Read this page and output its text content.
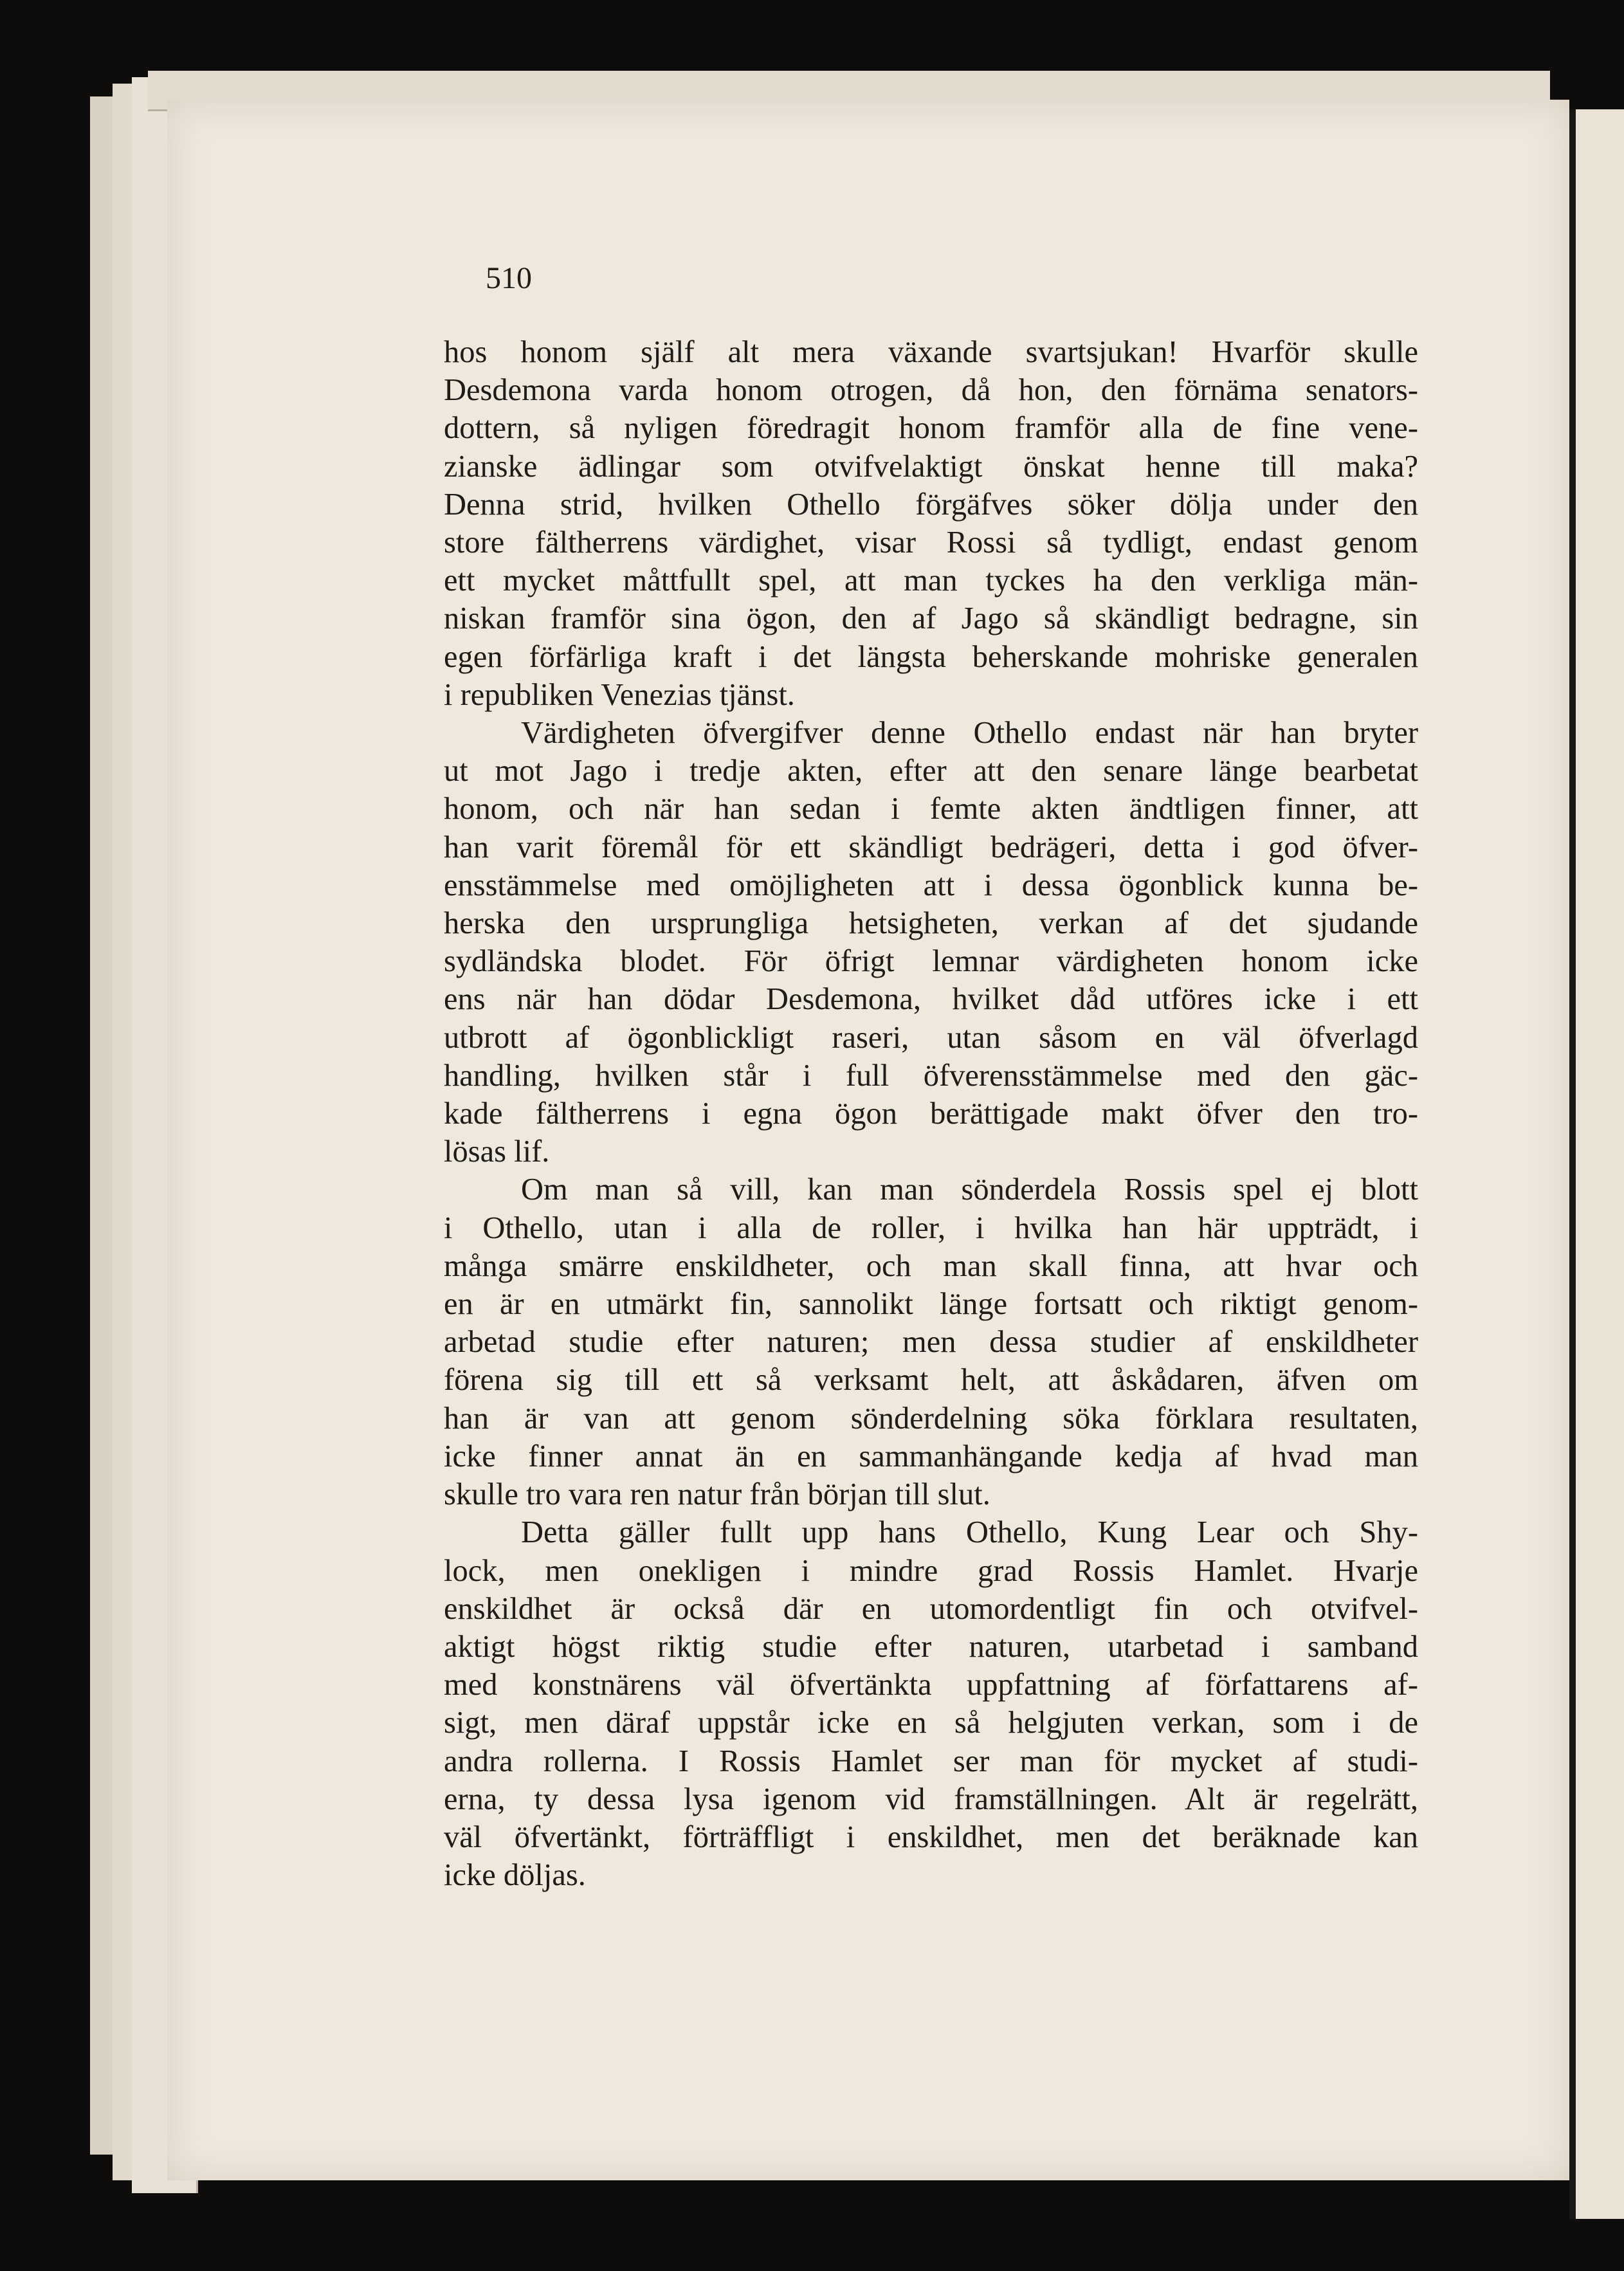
510

hos honom själf alt mera växande svartsjukan! Hvarför skulle
Desdemona varda honom otrogen, då hon, den förnäma senators-
dottern, så nyligen föredragit honom framför alla de fine vene-
zianske ädlingar som otvifvelaktigt önskat henne till maka?
Denna strid, hvilken Othello förgäfves söker dölja under den
store fältherrens värdighet, visar Rossi så tydligt, endast genom
ett mycket måttfullt spel, att man tyckes ha den verkliga män-
niskan framför sina ögon, den af Jago så skändligt bedragne, sin
egen förfärliga kraft i det längsta beherskande mohriske generalen
i republiken Venezias tjänst.
Värdigheten öfvergifver denne Othello endast när han bryter
ut mot Jago i tredje akten, efter att den senare länge bearbetat
honom, och när han sedan i femte akten ändtligen finner, att
han varit föremål för ett skändligt bedrägeri, detta i god öfver-
ensstämmelse med omöjligheten att i dessa ögonblick kunna be-
herska den ursprungliga hetsigheten, verkan af det sjudande
sydländska blodet. För öfrigt lemnar värdigheten honom icke
ens när han dödar Desdemona, hvilket dåd utföres icke i ett
utbrott af ögonblickligt raseri, utan såsom en väl öfverlagd
handling, hvilken står i full öfverensstämmelse med den gäc-
kade fältherrens i egna ögon berättigade makt öfver den tro-
lösas lif.
Om man så vill, kan man sönderdela Rossis spel ej blott
i Othello, utan i alla de roller, i hvilka han här uppträdt, i
många smärre enskildheter, och man skall finna, att hvar och
en är en utmärkt fin, sannolikt länge fortsatt och riktigt genom-
arbetad studie efter naturen; men dessa studier af enskildheter
förena sig till ett så verksamt helt, att åskådaren, äfven om
han är van att genom sönderdelning söka förklara resultaten,
icke finner annat än en sammanhängande kedja af hvad man
skulle tro vara ren natur från början till slut.
Detta gäller fullt upp hans Othello, Kung Lear och Shy-
lock, men onekligen i mindre grad Rossis Hamlet. Hvarje
enskildhet är också där en utomordentligt fin och otvifvel-
aktigt högst riktig studie efter naturen, utarbetad i samband
med konstnärens väl öfvertänkta uppfattning af författarens af-
sigt, men däraf uppstår icke en så helgjuten verkan, som i de
andra rollerna. I Rossis Hamlet ser man för mycket af studi-
erna, ty dessa lysa igenom vid framställningen. Alt är regelrätt,
väl öfvertänkt, förträffligt i enskildhet, men det beräknade kan
icke döljas.
